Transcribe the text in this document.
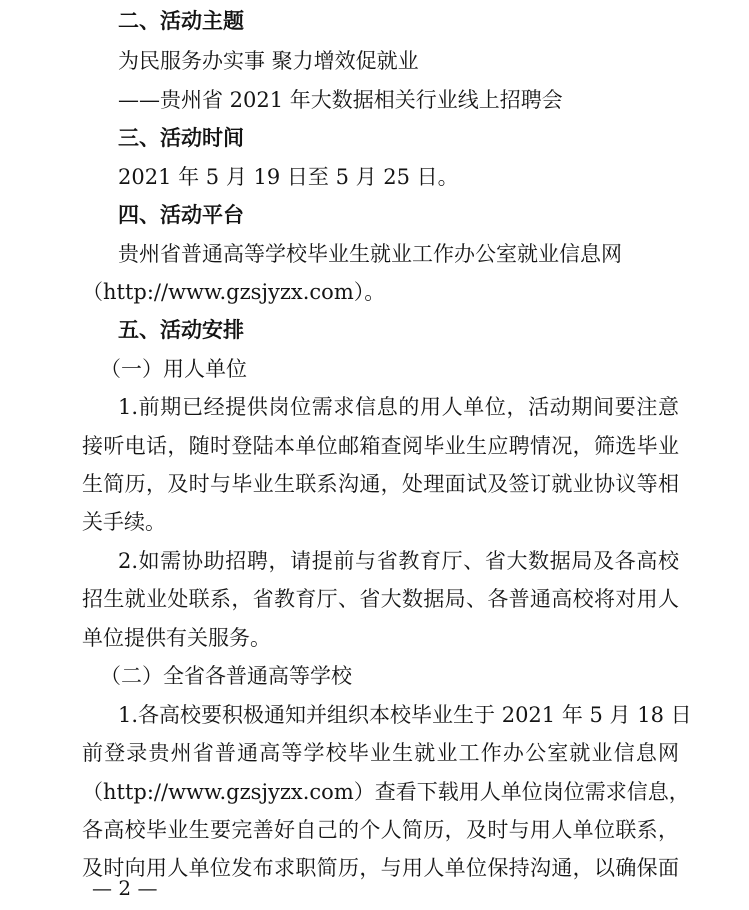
二、活动主题
为民服务办实事 聚力增效促就业
——贵州省 2021 年大数据相关行业线上招聘会
三、活动时间
2021 年 5 月 19 日至 5 月 25 日。
四、活动平台
贵州省普通高等学校毕业生就业工作办公室就业信息网
（http://www.gzsjyzx.com）。
五、活动安排
（一）用人单位
1.前期已经提供岗位需求信息的用人单位，活动期间要注意
接听电话，随时登陆本单位邮箱查阅毕业生应聘情况，筛选毕业
生简历，及时与毕业生联系沟通，处理面试及签订就业协议等相
关手续。
2.如需协助招聘，请提前与省教育厅、省大数据局及各高校
招生就业处联系，省教育厅、省大数据局、各普通高校将对用人
单位提供有关服务。
（二）全省各普通高等学校
1.各高校要积极通知并组织本校毕业生于 2021 年 5 月 18 日
前登录贵州省普通高等学校毕业生就业工作办公室就业信息网
（http://www.gzsjyzx.com）查看下载用人单位岗位需求信息，
各高校毕业生要完善好自己的个人简历，及时与用人单位联系，
及时向用人单位发布求职简历，与用人单位保持沟通，以确保面
— 2 —
